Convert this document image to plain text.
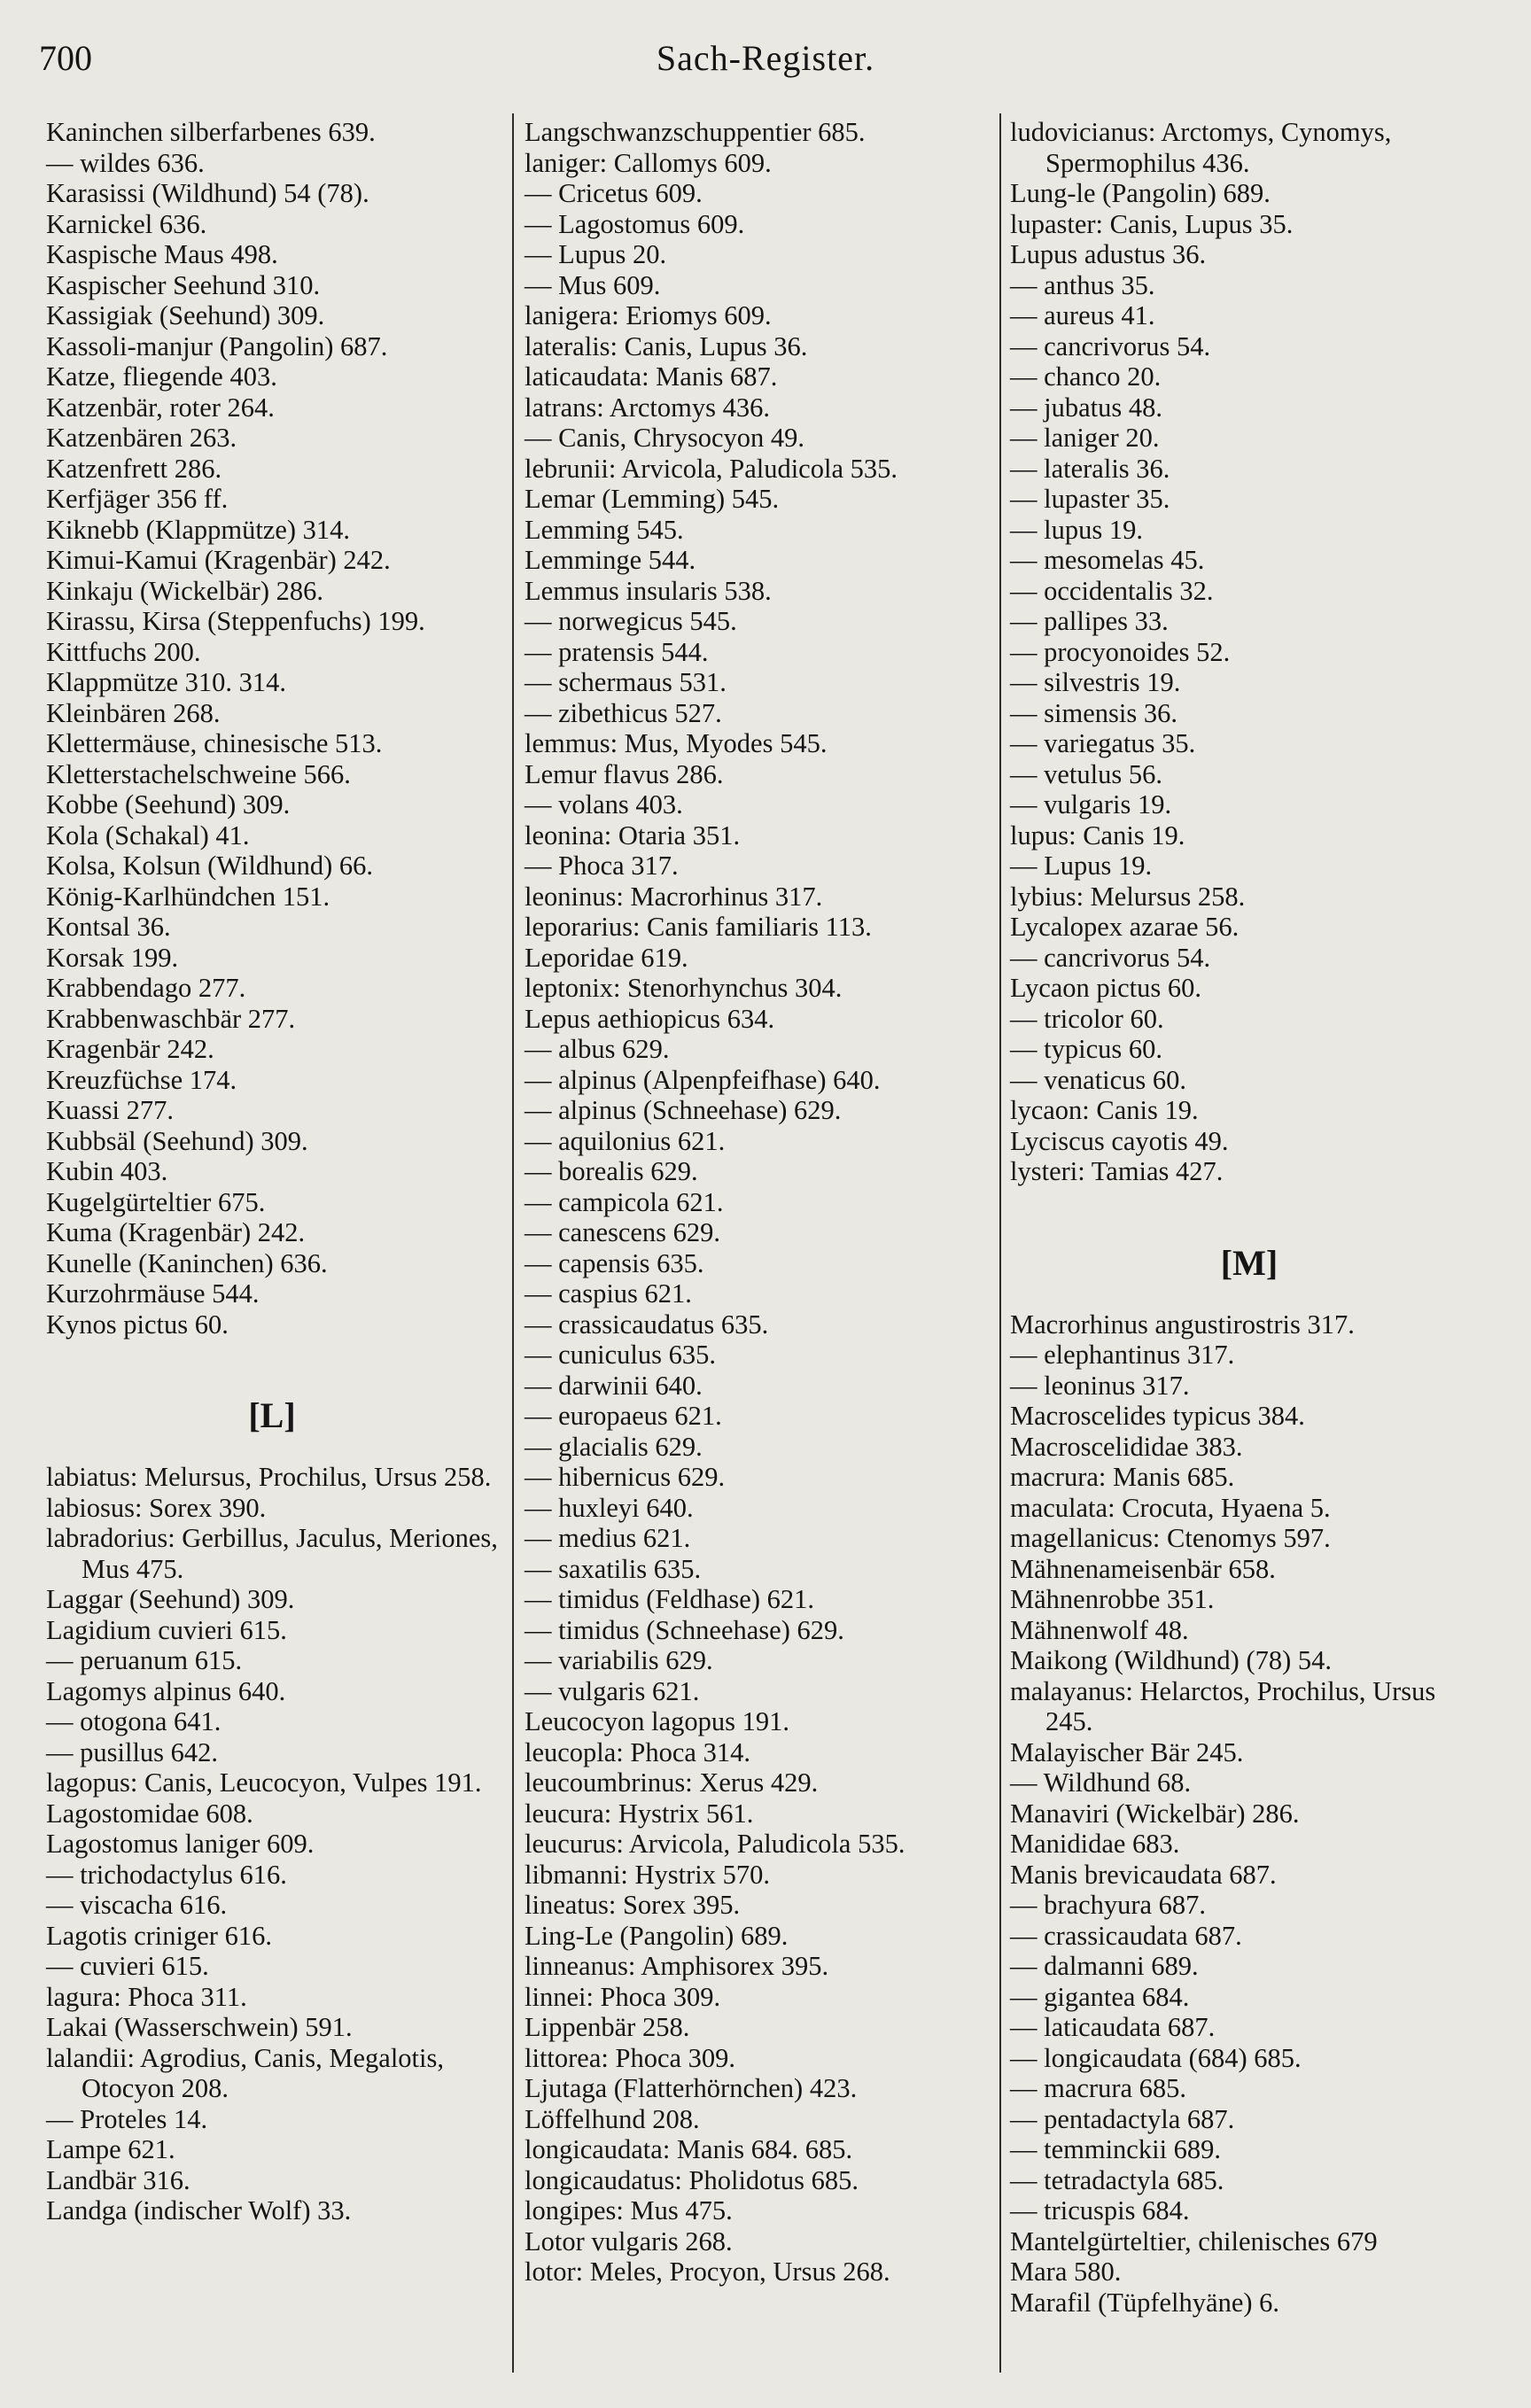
700	Sach-Register.
Kaninchen silberfarbenes 639.
— wildes 636.
Karasissi (Wildhund) 54 (78).
Karnickel 636.
Kaspische Maus 498.
Kaspischer Seehund 310.
Kassigiak (Seehund) 309.
Kassoli-manjur (Pangolin) 687.
Katze, fliegende 403.
Katzenbär, roter 264.
Katzenbären 263.
Katzenfrett 286.
Kerfjäger 356 ff.
Kiknebb (Klappmütze) 314.
Kimui-Kamui (Kragenbär) 242.
Kinkaju (Wickelbär) 286.
Kirassu, Kirsa (Steppenfuchs) 199.
Kittfuchs 200.
Klappmütze 310. 314.
Kleinbären 268.
Klettermäuse, chinesische 513.
Kletterstachelschweine 566.
Kobbe (Seehund) 309.
Kola (Schakal) 41.
Kolsa, Kolsun (Wildhund) 66.
König-Karlhündchen 151.
Kontsal 36.
Korsak 199.
Krabbendago 277.
Krabbenwaschbär 277.
Kragenbär 242.
Kreuzfüchse 174.
Kuassi 277.
Kubbsäl (Seehund) 309.
Kubin 403.
Kugelgürteltier 675.
Kuma (Kragenbär) 242.
Kunelle (Kaninchen) 636.
Kurzohrmäuse 544.
Kynos pictus 60.
[L]
labiatus: Melursus, Prochilus, Ursus 258.
labiosus: Sorex 390.
labradorius: Gerbillus, Jaculus, Meriones, Mus 475.
Laggar (Seehund) 309.
Lagidium cuvieri 615.
— peruanum 615.
Lagomys alpinus 640.
— otogona 641.
— pusillus 642.
lagopus: Canis, Leucocyon, Vulpes 191.
Lagostomidae 608.
Lagostomus laniger 609.
— trichodactylus 616.
— viscacha 616.
Lagotis criniger 616.
— cuvieri 615.
lagura: Phoca 311.
Lakai (Wasserschwein) 591.
lalandii: Agrodius, Canis, Megalotis, Otocyon 208.
— Proteles 14.
Lampe 621.
Landbär 316.
Landga (indischer Wolf) 33.
Langschwanzschuppentier 685.
laniger: Callomys 609.
— Cricetus 609.
— Lagostomus 609.
— Lupus 20.
— Mus 609.
lanigera: Eriomys 609.
lateralis: Canis, Lupus 36.
laticaudata: Manis 687.
latrans: Arctomys 436.
— Canis, Chrysocyon 49.
lebrunii: Arvicola, Paludicola 535.
Lemar (Lemming) 545.
Lemming 545.
Lemminge 544.
Lemmus insularis 538.
— norwegicus 545.
— pratensis 544.
— schermaus 531.
— zibethicus 527.
lemmus: Mus, Myodes 545.
Lemur flavus 286.
— volans 403.
leonina: Otaria 351.
— Phoca 317.
leoninus: Macrorhinus 317.
leporarius: Canis familiaris 113.
Leporidae 619.
leptonix: Stenorhynchus 304.
Lepus aethiopicus 634.
— albus 629.
— alpinus (Alpenpfeifhase) 640.
— alpinus (Schneehase) 629.
— aquilonius 621.
— borealis 629.
— campicola 621.
— canescens 629.
— capensis 635.
— caspius 621.
— crassicaudatus 635.
— cuniculus 635.
— darwinii 640.
— europaeus 621.
— glacialis 629.
— hibernicus 629.
— huxleyi 640.
— medius 621.
— saxatilis 635.
— timidus (Feldhase) 621.
— timidus (Schneehase) 629.
— variabilis 629.
— vulgaris 621.
Leucocyon lagopus 191.
leucopla: Phoca 314.
leucoumbrinus: Xerus 429.
leucura: Hystrix 561.
leucurus: Arvicola, Paludicola 535.
libmanni: Hystrix 570.
lineatus: Sorex 395.
Ling-Le (Pangolin) 689.
linneanus: Amphisorex 395.
linnei: Phoca 309.
Lippenbär 258.
littorea: Phoca 309.
Ljutaga (Flatterhörnchen) 423.
Löffelhund 208.
longicaudata: Manis 684. 685.
longicaudatus: Pholidotus 685.
longipes: Mus 475.
Lotor vulgaris 268.
lotor: Meles, Procyon, Ursus 268.
ludovicianus: Arctomys, Cynomys, Spermophilus 436.
Lung-le (Pangolin) 689.
lupaster: Canis, Lupus 35.
Lupus adustus 36.
— anthus 35.
— aureus 41.
— cancrivorus 54.
— chanco 20.
— jubatus 48.
— laniger 20.
— lateralis 36.
— lupaster 35.
— lupus 19.
— mesomelas 45.
— occidentalis 32.
— pallipes 33.
— procyonoides 52.
— silvestris 19.
— simensis 36.
— variegatus 35.
— vetulus 56.
— vulgaris 19.
lupus: Canis 19.
— Lupus 19.
lybius: Melursus 258.
Lycalopex azarae 56.
— cancrivorus 54.
Lycaon pictus 60.
— tricolor 60.
— typicus 60.
— venaticus 60.
lycaon: Canis 19.
Lyciscus cayotis 49.
lysteri: Tamias 427.
[M]
Macrorhinus angustirostris 317.
— elephantinus 317.
— leoninus 317.
Macroscelides typicus 384.
Macroscelididae 383.
macrura: Manis 685.
maculata: Crocuta, Hyaena 5.
magellanicus: Ctenomys 597.
Mähnenameisenbär 658.
Mähnenrobbe 351.
Mähnenwolf 48.
Maikong (Wildhund) (78) 54.
malayanus: Helarctos, Prochilus, Ursus 245.
Malayischer Bär 245.
— Wildhund 68.
Manaviri (Wickelbär) 286.
Manididae 683.
Manis brevicaudata 687.
— brachyura 687.
— crassicaudata 687.
— dalmanni 689.
— gigantea 684.
— laticaudata 687.
— longicaudata (684) 685.
— macrura 685.
— pentadactyla 687.
— temminckii 689.
— tetradactyla 685.
— tricuspis 684.
Mantelgürteltier, chilenisches 679
Mara 580.
Marafil (Tüpfelhyäne) 6.
